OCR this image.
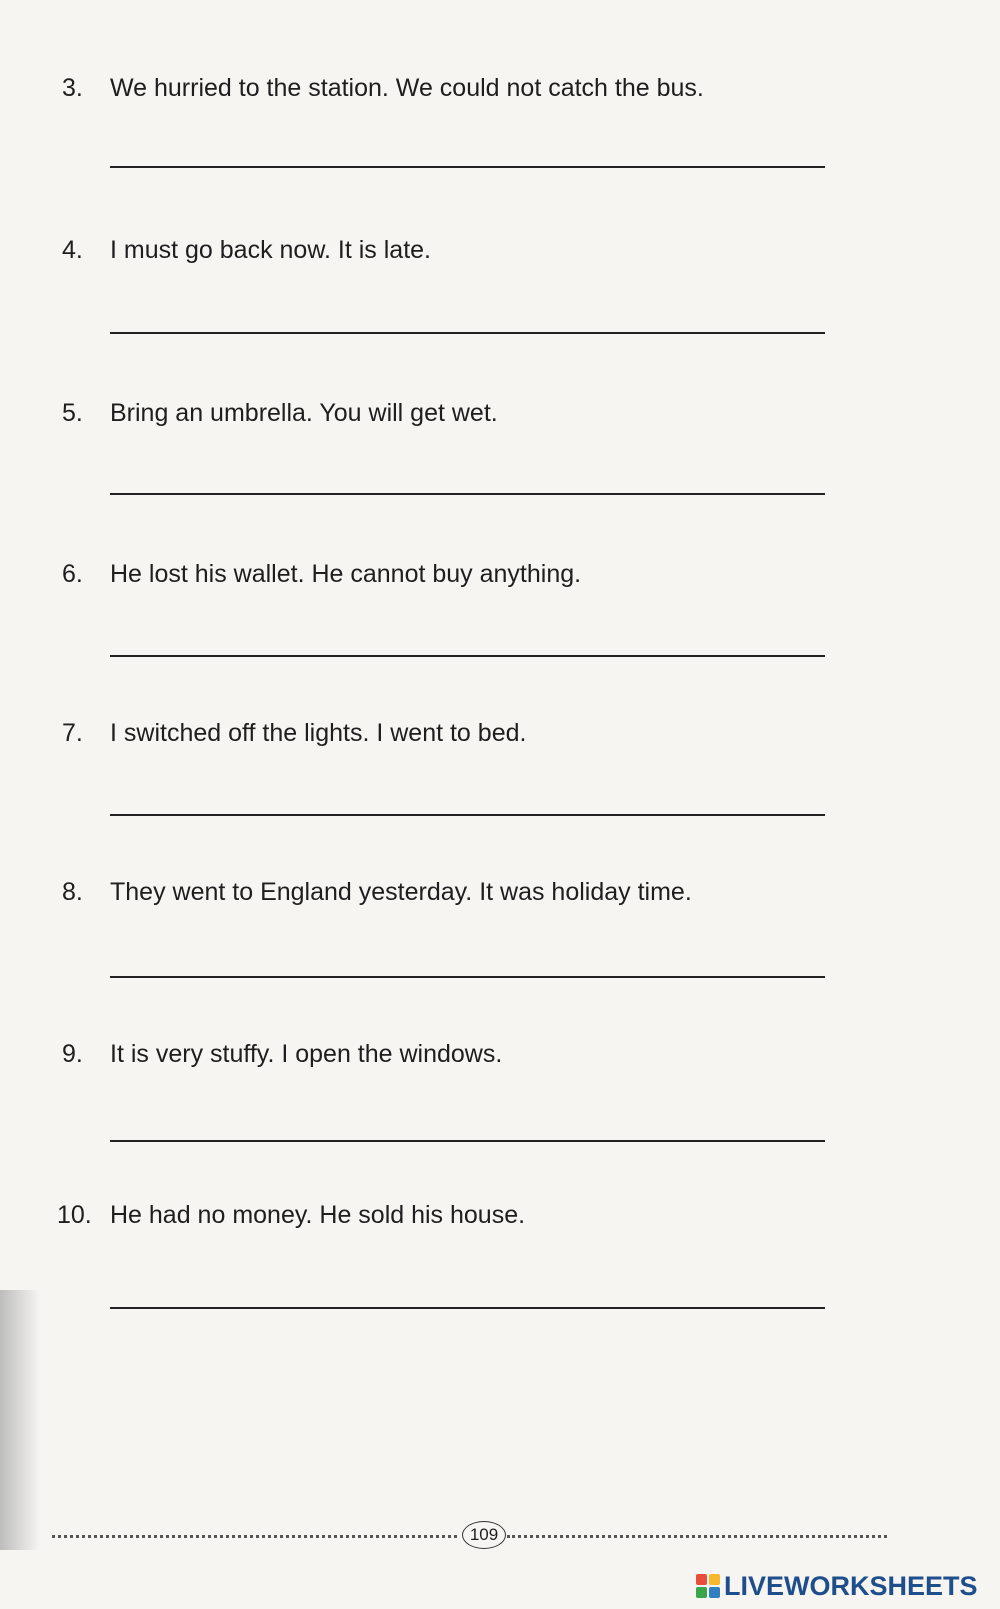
3.	We hurried to the station. We could not catch the bus.
4.	I must go back now. It is late.
5.	Bring an umbrella. You will get wet.
6.	He lost his wallet. He cannot buy anything.
7.	I switched off the lights. I went to bed.
8.	They went to England yesterday. It was holiday time.
9.	It is very stuffy. I open the windows.
10. He had no money. He sold his house.
109
LIVEWORKSHEETS
